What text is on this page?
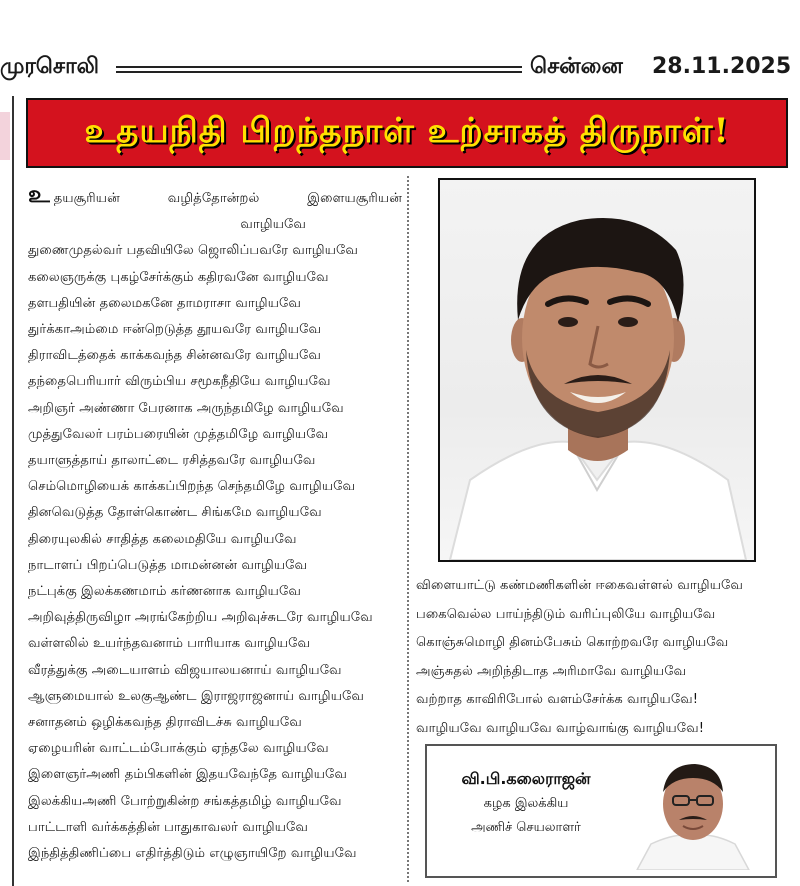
முரசொலி	சென்னை 28.11.2025
உதயநிதி பிறந்தநாள் உற்சாகத் திருநாள்!
உ தயசூரியன்	வழித்தோன்றல்	இளையசூரியன்
வாழியவே
துணைமுதல்வர் பதவியிலே ஜொலிப்பவரே வாழியவே
கலைஞருக்கு புகழ்சேர்க்கும் கதிரவனே வாழியவே
தளபதியின் தலைமகனே தாமராசா வாழியவே
துர்க்காஅம்மை ஈன்றெடுத்த தூயவரே வாழியவே
திராவிடத்தைக் காக்கவந்த சின்னவரே வாழியவே
தந்தைபெரியார் விரும்பிய சமூகநீதியே வாழியவே
அறிஞர் அண்ணா பேரனாக அருந்தமிழே வாழியவே
முத்துவேலர் பரம்பரையின் முத்தமிழே வாழியவே
தயாளுத்தாய் தாலாட்டை ரசித்தவரே வாழியவே
செம்மொழியைக் காக்கப்பிறந்த செந்தமிழே வாழியவே
தினவெடுத்த தோள்கொண்ட சிங்கமே வாழியவே
திரையுலகில் சாதித்த கலைமதியே வாழியவே
நாடாளப் பிறப்பெடுத்த மாமன்னன் வாழியவே
நட்புக்கு இலக்கணமாம் கர்ணனாக வாழியவே
அறிவுத்திருவிழா அரங்கேற்றிய அறிவுச்சுடரே வாழியவே
வள்ளலில் உயர்ந்தவனாம் பாரியாக வாழியவே
வீரத்துக்கு அடையாளம் விஜயாலயனாய் வாழியவே
ஆளுமையால் உலகுஆண்ட இராஜராஜனாய் வாழியவே
சனாதனம் ஒழிக்கவந்த திராவிடச்சு வாழியவே
ஏழையரின் வாட்டம்போக்கும் ஏந்தலே வாழியவே
இளைஞர்அணி தம்பிகளின் இதயவேந்தே வாழியவே
இலக்கியஅணி போற்றுகின்ற சங்கத்தமிழ் வாழியவே
பாட்டாளி வர்க்கத்தின் பாதுகாவலர் வாழியவே
இந்தித்திணிப்பை எதிர்த்திடும் எழுஞாயிறே வாழியவே
விளையாட்டு கண்மணிகளின் ஈகைவள்ளல் வாழியவே
பகைவெல்ல பாய்ந்திடும் வரிப்புலியே வாழியவே
கொஞ்சுமொழி தினம்பேசும் கொற்றவரே வாழியவே
அஞ்சுதல் அறிந்திடாத அரிமாவே வாழியவே
வற்றாத காவிரிபோல் வளம்சேர்க்க வாழியவே!
வாழியவே வாழியவே வாழ்வாங்கு வாழியவே!
வி.பி.கலைராஜன்
கழக இலக்கிய
அணிச் செயலாளர்
